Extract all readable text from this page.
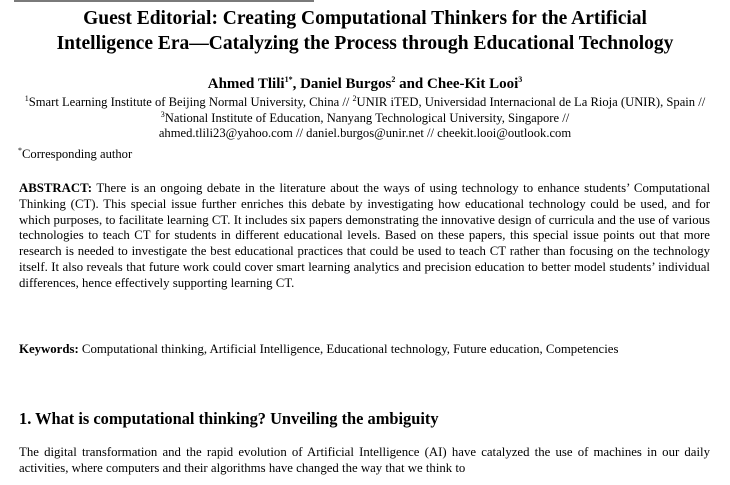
Guest Editorial: Creating Computational Thinkers for the Artificial
Intelligence Era—Catalyzing the Process through Educational Technology
Ahmed Tlili$^{1*}$, Daniel Burgos$^2$ and Chee-Kit Looi$^3$
$^1$Smart Learning Institute of Beijing Normal University, China // $^2$UNIR iTED, Universidad Internacional de La Rioja (UNIR), Spain // $^3$National Institute of Education, Nanyang Technological University, Singapore //
ahmed.tlili23@yahoo.com // daniel.burgos@unir.net // cheekit.looi@outlook.com
*Corresponding author
ABSTRACT: There is an ongoing debate in the literature about the ways of using technology to enhance students’ Computational Thinking (CT). This special issue further enriches this debate by investigating how educational technology could be used, and for which purposes, to facilitate learning CT. It includes six papers demonstrating the innovative design of curricula and the use of various technologies to teach CT for students in different educational levels. Based on these papers, this special issue points out that more research is needed to investigate the best educational practices that could be used to teach CT rather than focusing on the technology itself. It also reveals that future work could cover smart learning analytics and precision education to better model students’ individual differences, hence effectively supporting learning CT.
Keywords: Computational thinking, Artificial Intelligence, Educational technology, Future education, Competencies
1. What is computational thinking? Unveiling the ambiguity
The digital transformation and the rapid evolution of Artificial Intelligence (AI) have catalyzed the use of machines in our daily activities, where computers and their algorithms have changed the way that we think to
